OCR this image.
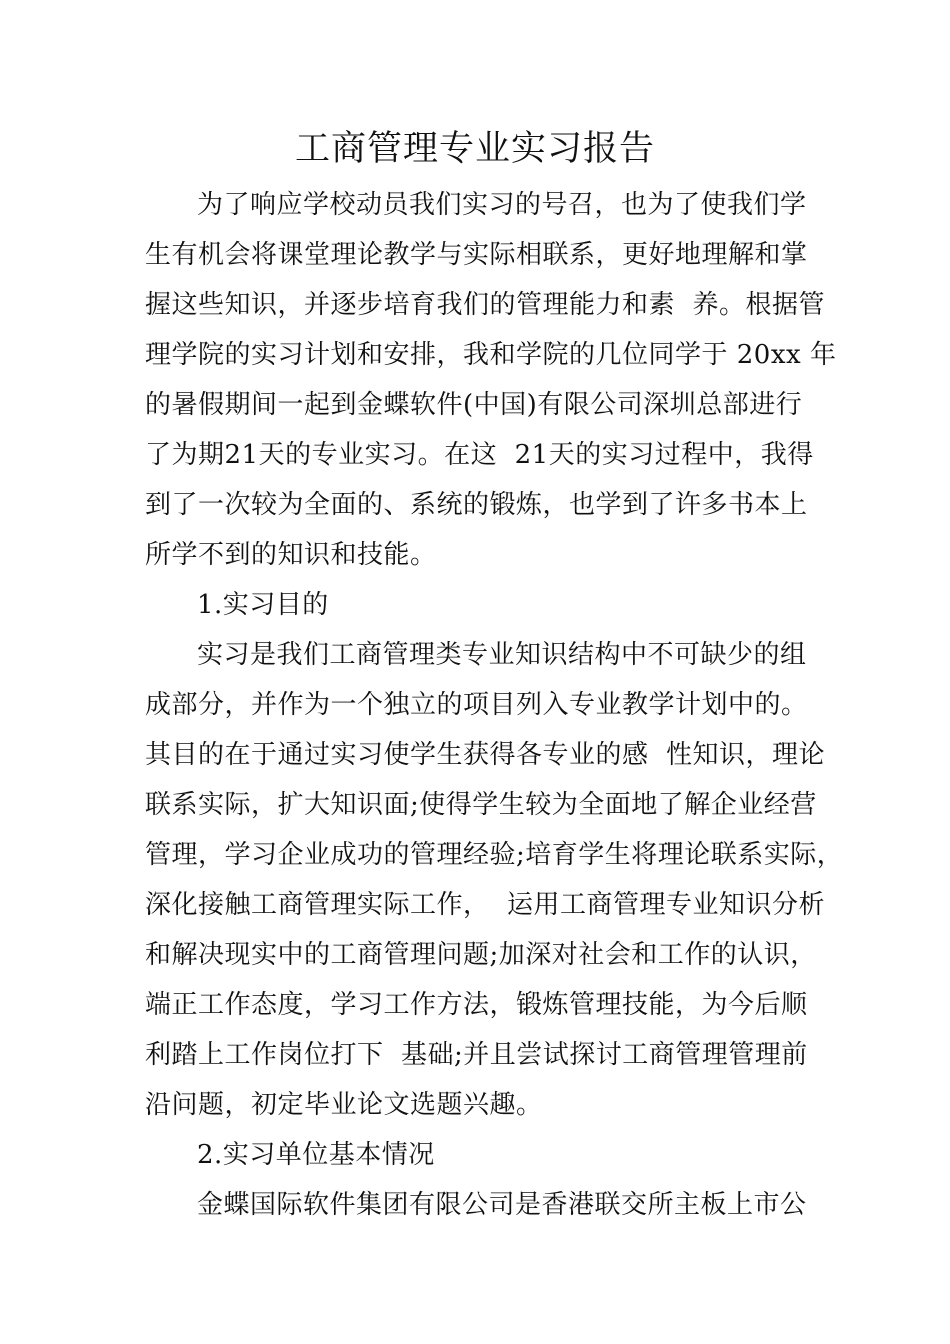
工商管理专业实习报告
为了响应学校动员我们实习的号召，也为了使我们学
生有机会将课堂理论教学与实际相联系，更好地理解和掌
握这些知识，并逐步培育我们的管理能力和素  养。根据管
理学院的实习计划和安排，我和学院的几位同学于 20xx 年
的暑假期间一起到金蝶软件(中国)有限公司深圳总部进行
了为期21天的专业实习。在这  21天的实习过程中，我得
到了一次较为全面的、系统的锻炼，也学到了许多书本上
所学不到的知识和技能。
1.实习目的
实习是我们工商管理类专业知识结构中不可缺少的组
成部分，并作为一个独立的项目列入专业教学计划中的。
其目的在于通过实习使学生获得各专业的感  性知识，理论
联系实际，扩大知识面;使得学生较为全面地了解企业经营
管理，学习企业成功的管理经验;培育学生将理论联系实际，
深化接触工商管理实际工作，  运用工商管理专业知识分析
和解决现实中的工商管理问题;加深对社会和工作的认识，
端正工作态度，学习工作方法，锻炼管理技能，为今后顺
利踏上工作岗位打下  基础;并且尝试探讨工商管理管理前
沿问题，初定毕业论文选题兴趣。
2.实习单位基本情况
金蝶国际软件集团有限公司是香港联交所主板上市公
